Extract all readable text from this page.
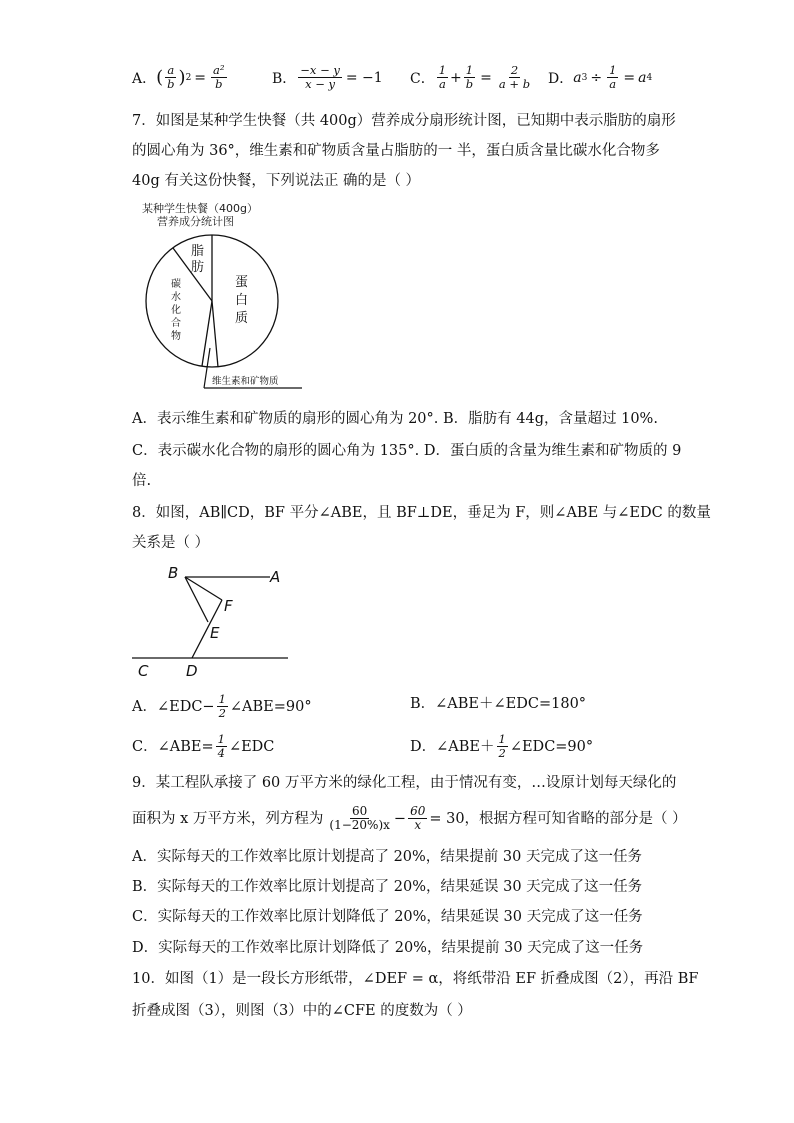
A． ( $\frac{a}{b}$ ) $2 = \frac{\text{a²}}{b}$	B． $\frac{-x - y}{x - y} = -1$ C． $\frac{1}{a} + \frac{1}{b} = \frac{2}{a + b}$ D． a $3 \div \frac{1}{a} = a$ 4
7．如图是某种学生快餐（共 400g）营养成分扇形统计图，已知期中表示脂肪的扇形
的圆心角为 36°，维生素和矿物质含量占脂肪的一 半，蛋白质含量比碳水化合物多
40g 有关这份快餐，下列说法正 确的是（ ）
某种学生快餐（400g）
营养成分统计图
脂
肪
蛋
白
质
碳
水
化
合
物
维生素和矿物质
A．表示维生素和矿物质的扇形的圆心角为 20°. B．脂肪有 44g，含量超过 10%.
C．表示碳水化合物的扇形的圆心角为 135°. D．蛋白质的含量为维生素和矿物质的 9
倍.
8．如图，AB∥CD，BF 平分∠ABE，且 BF⊥DE，垂足为 F，则∠ABE 与∠EDC 的数量
关系是（ ）
B	A
F
E
C	D
A．∠EDC− $\frac{1}{2}$ ∠ABE=90°	B．∠ABE＋∠EDC=180°
C．∠ABE= $\frac{1}{4}$ ∠EDC	D．∠ABE＋ $\frac{1}{2}$ ∠EDC=90°
9．某工程队承接了 60 万平方米的绿化工程，由于情况有变，…设原计划每天绿化的
面积为 x 万平方米，列方程为 $\frac{60}{(1-20\%)x} - \frac{60}{x} = 30$，根据方程可知省略的部分是（ ）
A．实际每天的工作效率比原计划提高了 20%，结果提前 30 天完成了这一任务
B．实际每天的工作效率比原计划提高了 20%，结果延误 30 天完成了这一任务
C．实际每天的工作效率比原计划降低了 20%，结果延误 30 天完成了这一任务
D．实际每天的工作效率比原计划降低了 20%，结果提前 30 天完成了这一任务
10．如图（1）是一段长方形纸带，∠DEF = α，将纸带沿 EF 折叠成图（2），再沿 BF
折叠成图（3），则图（3）中的∠CFE 的度数为（ ）
